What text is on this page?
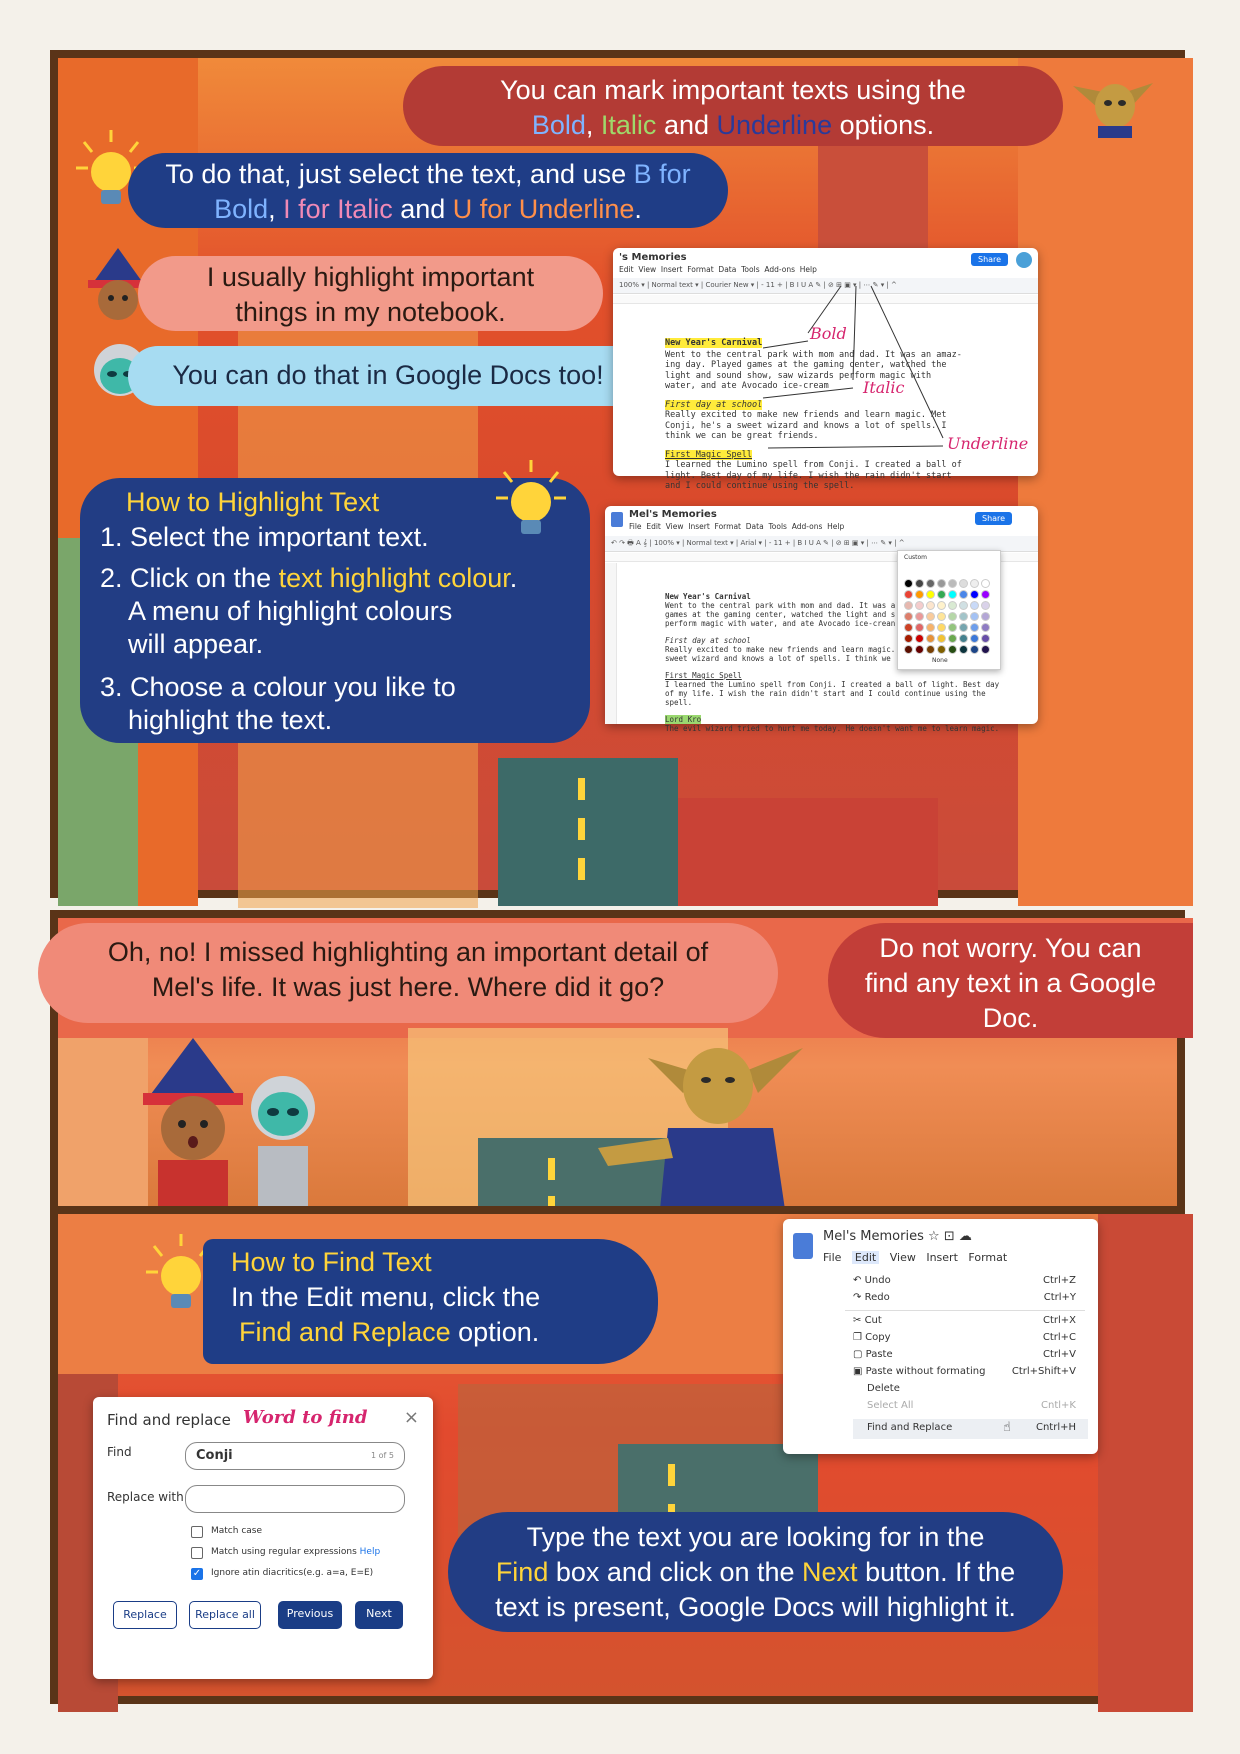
You can mark important texts using the
Bold, Italic and Underline options.
To do that, just select the text, and use B for
Bold, I for Italic and U for Underline.
I usually highlight important
things in my notebook.
You can do that in Google Docs too!
's Memories
Edit View Insert Format Data Tools Add-ons Help
Share
100% ▾ | Normal text ▾ | Courier New ▾ | - 11 + | B I U A ✎ | ⊘ ⊞ ▣ ▾ | ⋯ ✎ ▾ | ^
New Year's Carnival
Went to the central park with mom and dad. It was an amaz-
ing day. Played games at the gaming center, watched the
light and sound show, saw wizards perform magic with
water, and ate Avocado ice-cream
First day at school
Really excited to make new friends and learn magic. Met
Conji, he's a sweet wizard and knows a lot of spells. I
think we can be great friends.
First Magic Spell
I learned the Lumino spell from Conji. I created a ball of
light. Best day of my life. I wish the rain didn't start
and I could continue using the spell.
Bold
Italic
Underline
How to Highlight Text
1. Select the important text.
2. Click on the text highlight colour.
A menu of highlight colours
will appear.
3. Choose a colour you like to
highlight the text.
Mel's Memories
File Edit View Insert Format Data Tools Add-ons Help
Share
↶ ↷ 🖶 A 𝄞 | 100% ▾ | Normal text ▾ | Arial ▾ | - 11 + | B I U A ✎ | ⊘ ⊞ ▣ ▾ | ⋯ ✎ ▾ | ^
New Year's Carnival
Went to the central park with mom and dad. It was a
games at the gaming center, watched the light and s
perform magic with water, and ate Avocado ice-crean
First day at school
Really excited to make new friends and learn magic.
sweet wizard and knows a lot of spells. I think we
First Magic Spell
I learned the Lumino spell from Conji. I created a ball of light. Best day
of my life. I wish the rain didn't start and I could continue using the
spell.
Lord Kro
The evil wizard tried to hurt me today. He doesn't want me to learn magic.
Custom
None
Oh, no! I missed highlighting an important detail of
Mel's life. It was just here. Where did it go?
Do not worry. You can
find any text in a Google
Doc.
How to Find Text
In the Edit menu, click the
Find and Replace option.
Find and replace Word to find ×
Find	Conji	1 of 5
Replace with
Match case
Match using regular expressions Help
✓ Ignore atin diacritics(e.g. a=a, E=E)
Replace	Replace all	Previous	Next
Mel's Memories ☆ ⊡ ☁
File Edit View Insert Format
↶ Undo	Ctrl+Z
↷ Redo	Ctrl+Y
✂ Cut	Ctrl+X
❐ Copy	Ctrl+C
▢ Paste	Ctrl+V
▣ Paste without formating	Ctrl+Shift+V
Delete
Select All	Cntl+K
Find and Replace	☝	Cntrl+H
Type the text you are looking for in the
Find box and click on the Next button. If the
text is present, Google Docs will highlight it.
